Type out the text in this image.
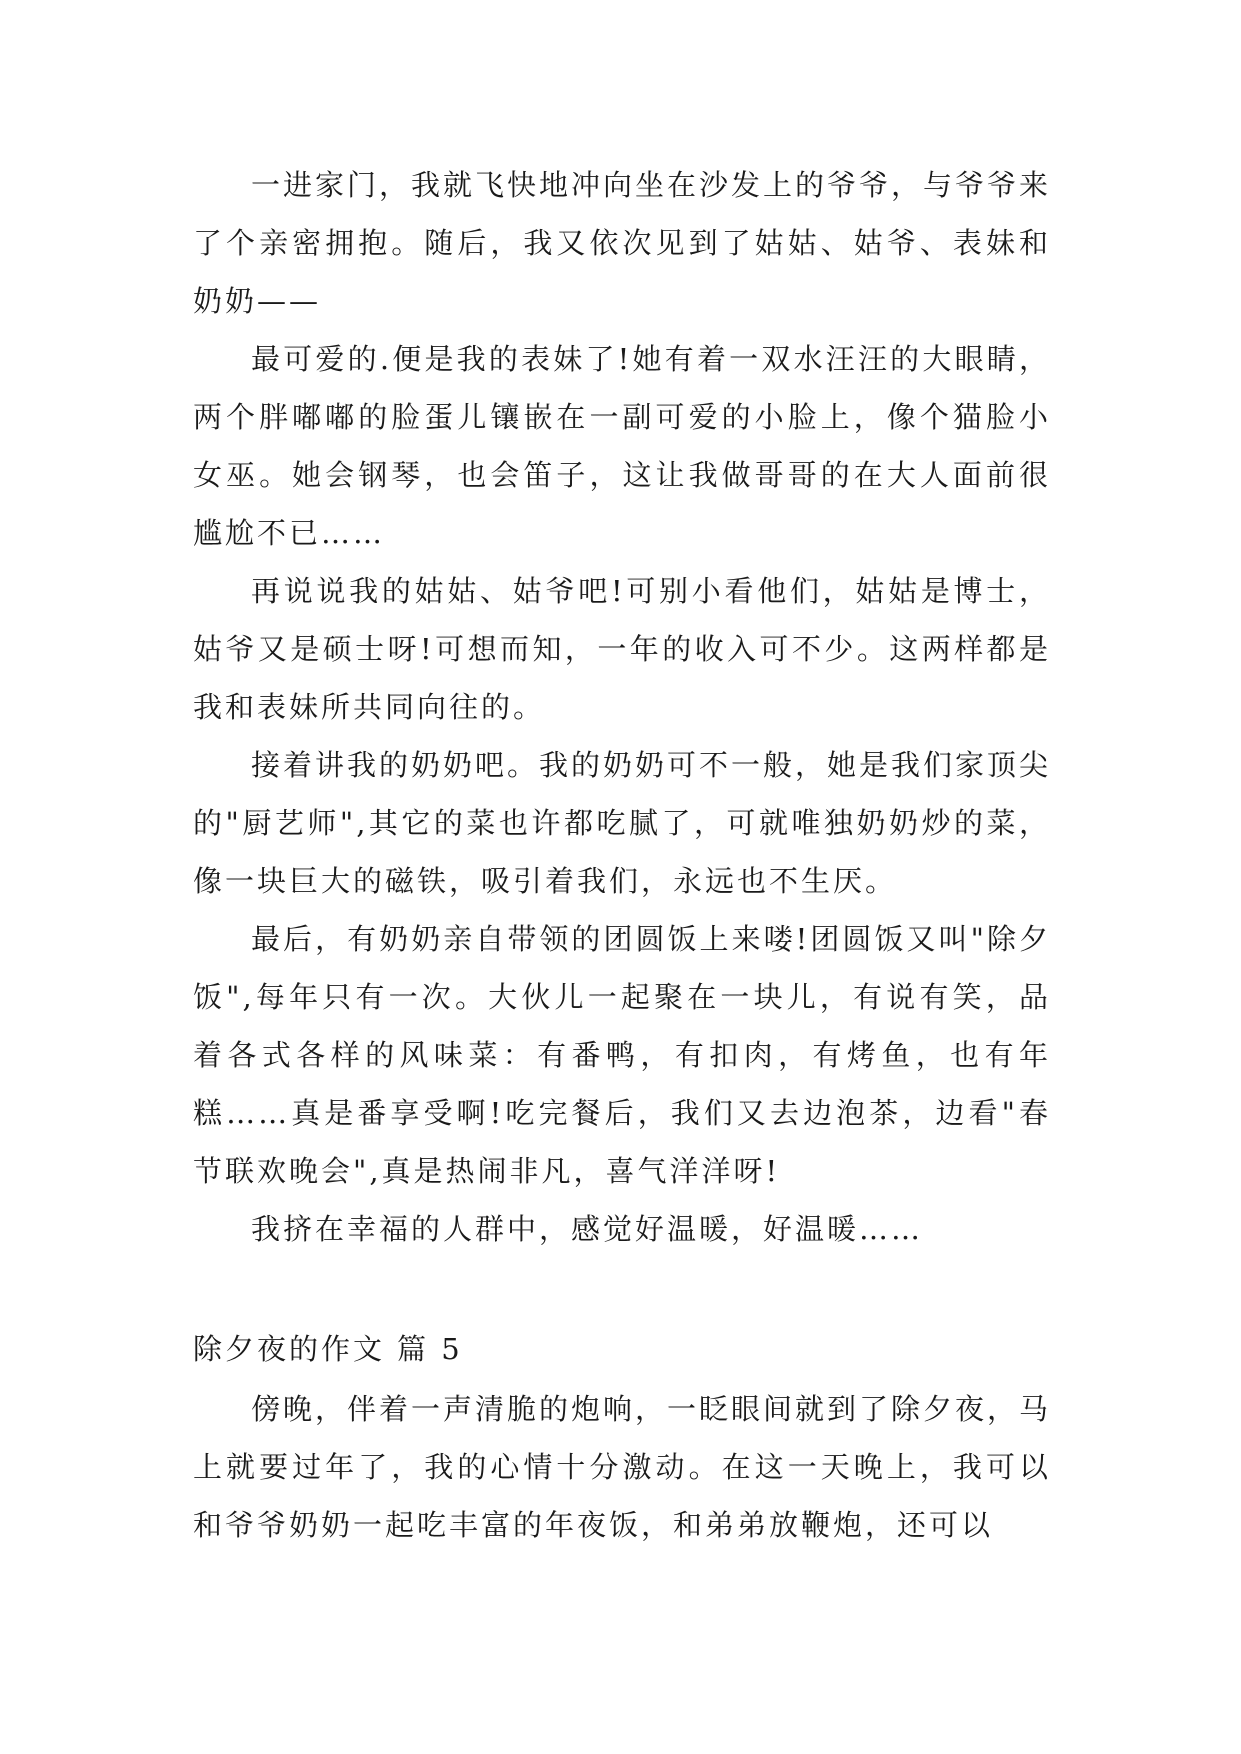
一进家门，我就飞快地冲向坐在沙发上的爷爷，与爷爷来了个亲密拥抱。随后，我又依次见到了姑姑、姑爷、表妹和奶奶——

最可爱的.便是我的表妹了!她有着一双水汪汪的大眼睛，两个胖嘟嘟的脸蛋儿镶嵌在一副可爱的小脸上，像个猫脸小女巫。她会钢琴，也会笛子，这让我做哥哥的在大人面前很尴尬不已……

再说说我的姑姑、姑爷吧!可别小看他们，姑姑是博士，姑爷又是硕士呀!可想而知，一年的收入可不少。这两样都是我和表妹所共同向往的。

接着讲我的奶奶吧。我的奶奶可不一般，她是我们家顶尖的"厨艺师",其它的菜也许都吃腻了，可就唯独奶奶炒的菜，像一块巨大的磁铁，吸引着我们，永远也不生厌。

最后，有奶奶亲自带领的团圆饭上来喽!团圆饭又叫"除夕饭",每年只有一次。大伙儿一起聚在一块儿，有说有笑，品着各式各样的风味菜：有番鸭，有扣肉，有烤鱼，也有年糕……真是番享受啊!吃完餐后，我们又去边泡茶，边看"春节联欢晚会",真是热闹非凡，喜气洋洋呀!

我挤在幸福的人群中，感觉好温暖，好温暖……

除夕夜的作文 篇 5

傍晚，伴着一声清脆的炮响，一眨眼间就到了除夕夜，马上就要过年了，我的心情十分激动。在这一天晚上，我可以和爷爷奶奶一起吃丰富的年夜饭，和弟弟放鞭炮，还可以
